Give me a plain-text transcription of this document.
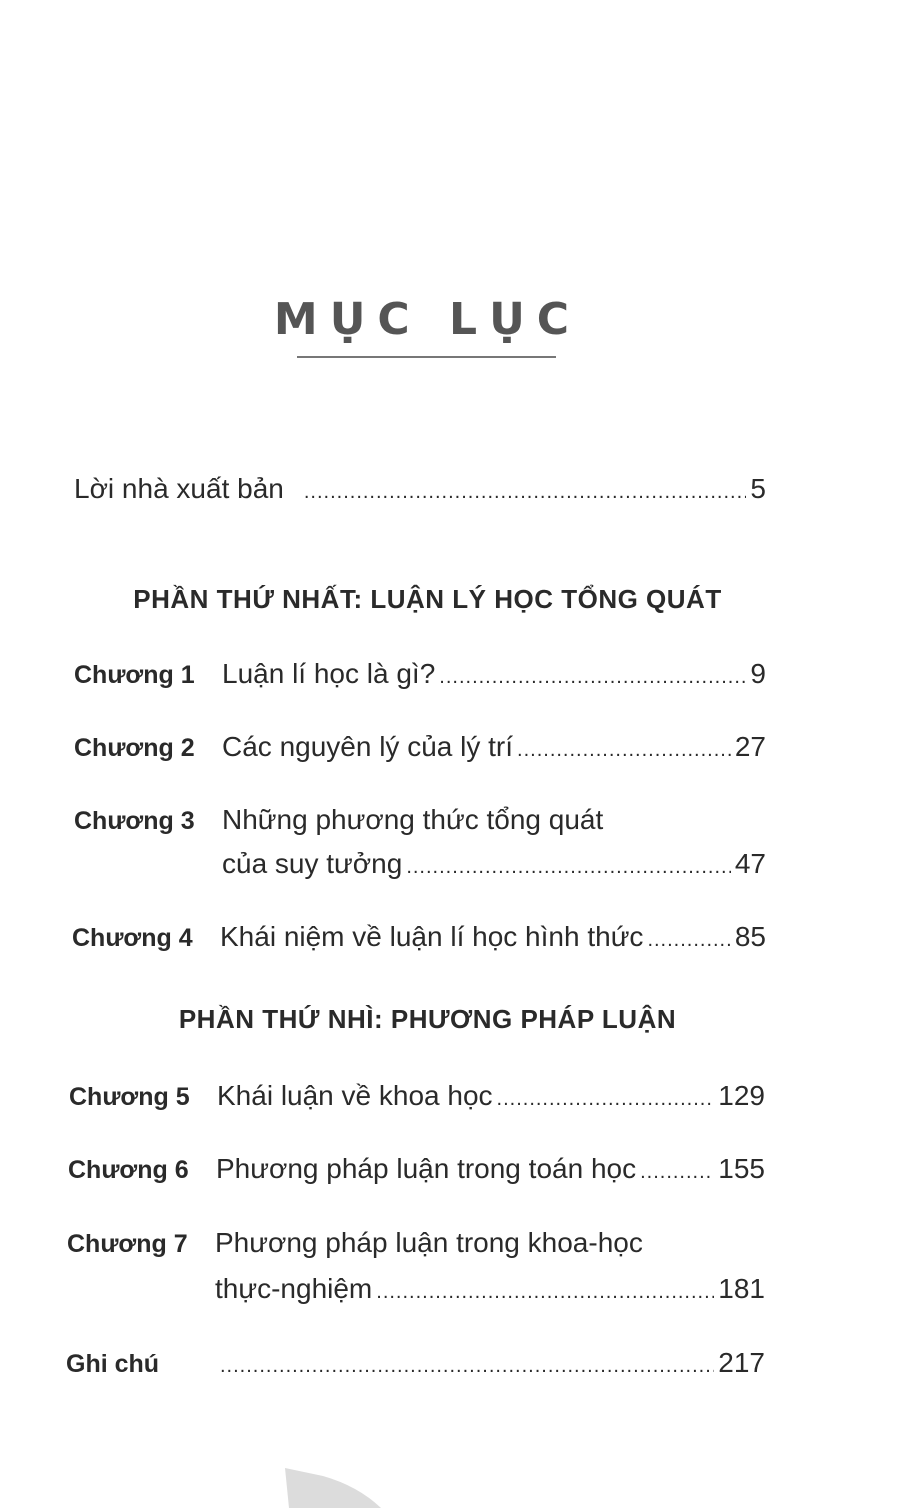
MỤC LỤC
Lời nhà xuất bản .....	5
PHẦN THỨ NHẤT: LUẬN LÝ HỌC TỔNG QUÁT
Chương 1 Luận lí học là gì? .....	9
Chương 2 Các nguyên lý của lý trí .....	27
Chương 3 Những phương thức tổng quát
của suy tưởng .....	47
Chương 4 Khái niệm về luận lí học hình thức .....	85
PHẦN THỨ NHÌ: PHƯƠNG PHÁP LUẬN
Chương 5 Khái luận về khoa học .....	129
Chương 6 Phương pháp luận trong toán học .....	155
Chương 7 Phương pháp luận trong khoa-học
thực-nghiệm .....	181
Ghi chú .....	217
